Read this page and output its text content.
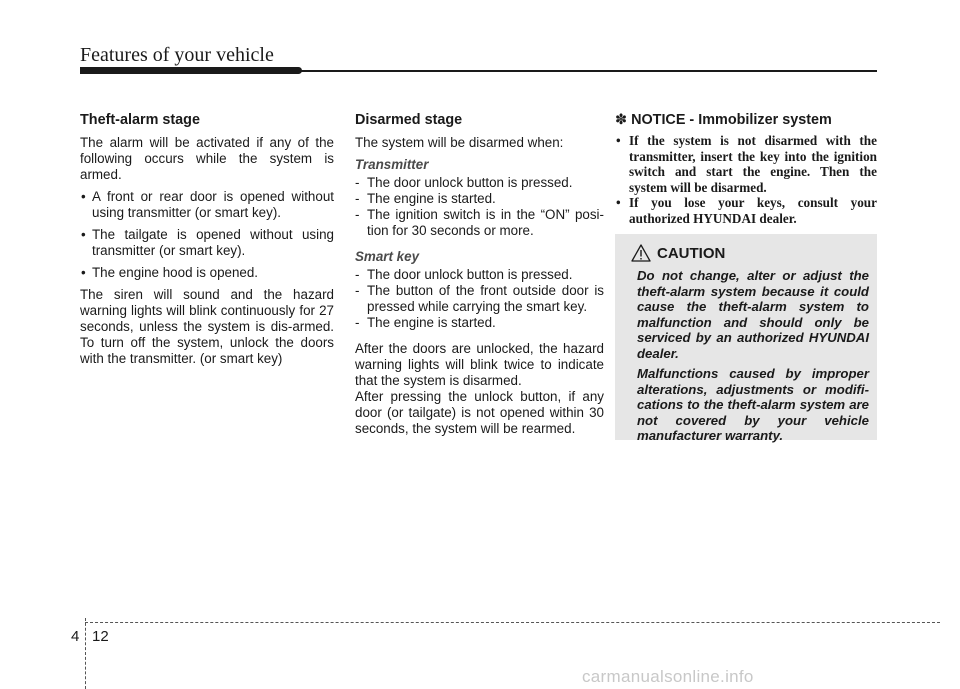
Features of your vehicle
Theft-alarm stage

The alarm will be activated if any of the following occurs while the system is armed.

• A front or rear door is opened without using transmitter (or smart key).
• The tailgate is opened without using transmitter (or smart key).
• The engine hood is opened.

The siren will sound and the hazard warning lights will blink continuously for 27 seconds, unless the system is dis-armed. To turn off the system, unlock the doors with the transmitter. (or smart key)

Disarmed stage

The system will be disarmed when:

Transmitter
- The door unlock button is pressed.
- The engine is started.
- The ignition switch is in the “ON” posi-tion for 30 seconds or more.
Smart key
- The door unlock button is pressed.
- The button of the front outside door is pressed while carrying the smart key.
- The engine is started.

After the doors are unlocked, the hazard warning lights will blink twice to indicate that the system is disarmed.

After pressing the unlock button, if any door (or tailgate) is not opened within 30 seconds, the system will be rearmed.

✽ NOTICE - Immobilizer system
• If the system is not disarmed with the transmitter, insert the key into the ignition switch and start the engine. Then the system will be disarmed.
• If you lose your keys, consult your authorized HYUNDAI dealer.
CAUTION

Do not change, alter or adjust the theft-alarm system because it could cause the theft-alarm system to malfunction and should only be serviced by an authorized HYUNDAI dealer.

Malfunctions caused by improper alterations, adjustments or modifi-cations to the theft-alarm system are not covered by your vehicle manufacturer warranty.

4 12
carmanualsonline.info
